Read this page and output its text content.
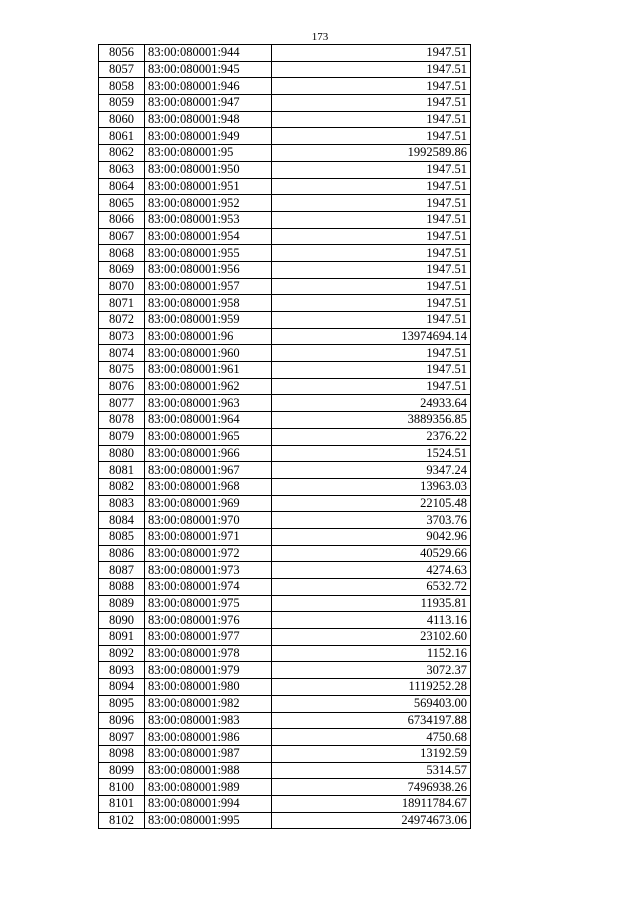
173
8056	83:00:080001:944	1947.51
8057	83:00:080001:945	1947.51
8058	83:00:080001:946	1947.51
8059	83:00:080001:947	1947.51
8060	83:00:080001:948	1947.51
8061	83:00:080001:949	1947.51
8062	83:00:080001:95	1992589.86
8063	83:00:080001:950	1947.51
8064	83:00:080001:951	1947.51
8065	83:00:080001:952	1947.51
8066	83:00:080001:953	1947.51
8067	83:00:080001:954	1947.51
8068	83:00:080001:955	1947.51
8069	83:00:080001:956	1947.51
8070	83:00:080001:957	1947.51
8071	83:00:080001:958	1947.51
8072	83:00:080001:959	1947.51
8073	83:00:080001:96	13974694.14
8074	83:00:080001:960	1947.51
8075	83:00:080001:961	1947.51
8076	83:00:080001:962	1947.51
8077	83:00:080001:963	24933.64
8078	83:00:080001:964	3889356.85
8079	83:00:080001:965	2376.22
8080	83:00:080001:966	1524.51
8081	83:00:080001:967	9347.24
8082	83:00:080001:968	13963.03
8083	83:00:080001:969	22105.48
8084	83:00:080001:970	3703.76
8085	83:00:080001:971	9042.96
8086	83:00:080001:972	40529.66
8087	83:00:080001:973	4274.63
8088	83:00:080001:974	6532.72
8089	83:00:080001:975	11935.81
8090	83:00:080001:976	4113.16
8091	83:00:080001:977	23102.60
8092	83:00:080001:978	1152.16
8093	83:00:080001:979	3072.37
8094	83:00:080001:980	1119252.28
8095	83:00:080001:982	569403.00
8096	83:00:080001:983	6734197.88
8097	83:00:080001:986	4750.68
8098	83:00:080001:987	13192.59
8099	83:00:080001:988	5314.57
8100	83:00:080001:989	7496938.26
8101	83:00:080001:994	18911784.67
8102	83:00:080001:995	24974673.06
